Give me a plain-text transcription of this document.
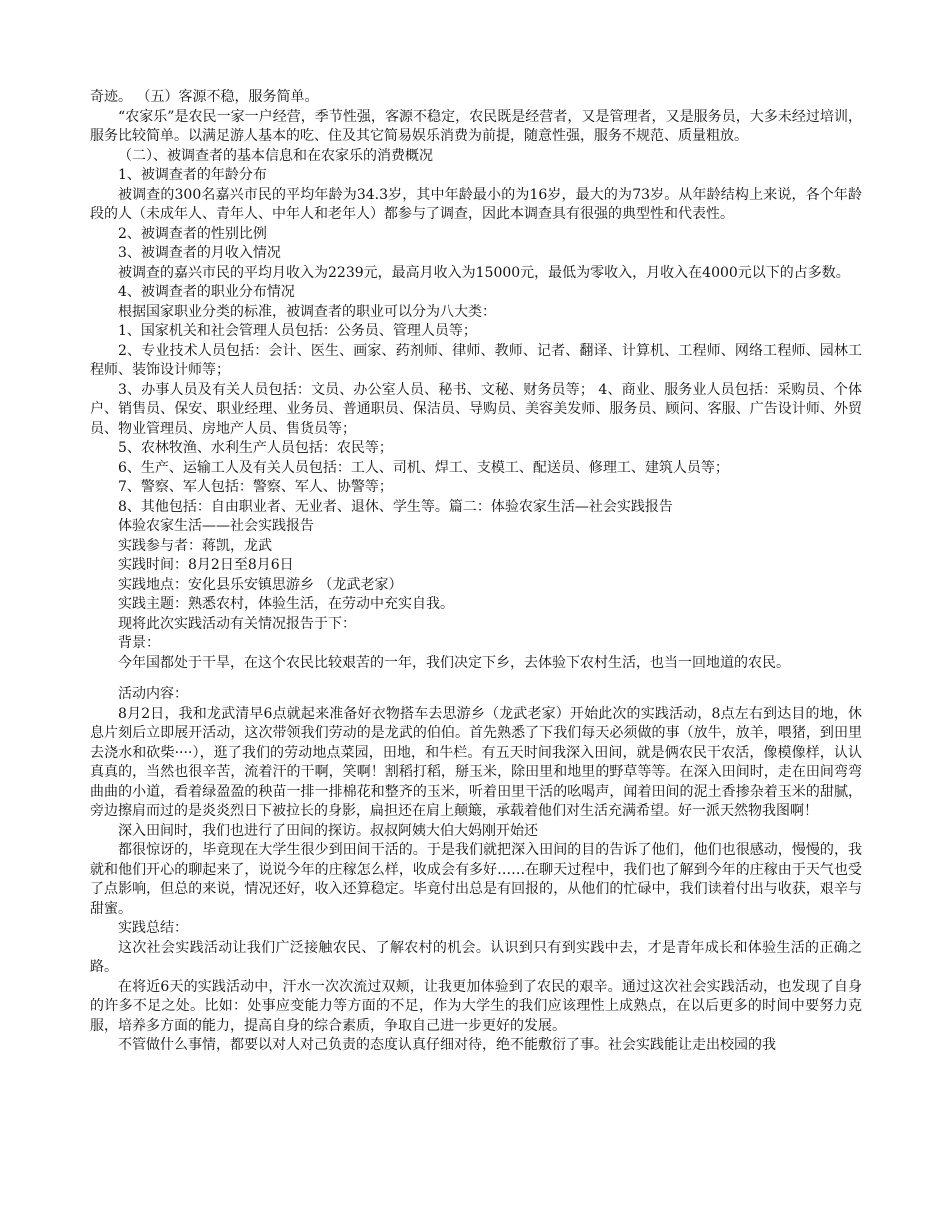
奇迹。 （五）客源不稳，服务简单。

“农家乐”是农民一家一户经营，季节性强，客源不稳定，农民既是经营者，又是管理者，又是服务员，大多未经过培训，服务比较简单。以满足游人基本的吃、住及其它简易娱乐消费为前提，随意性强，服务不规范、质量粗放。

（二）、被调查者的基本信息和在农家乐的消费概况

1、被调查者的年龄分布

被调查的300名嘉兴市民的平均年龄为34.3岁，其中年龄最小的为16岁，最大的为73岁。从年龄结构上来说，各个年龄段的人（未成年人、青年人、中年人和老年人）都参与了调查，因此本调查具有很强的典型性和代表性。

2、被调查者的性别比例

3、被调查者的月收入情况

被调查的嘉兴市民的平均月收入为2239元，最高月收入为15000元，最低为零收入，月收入在4000元以下的占多数。

4、被调查者的职业分布情况

根据国家职业分类的标准，被调查者的职业可以分为八大类：

1、国家机关和社会管理人员包括：公务员、管理人员等；

2、专业技术人员包括：会计、医生、画家、药剂师、律师、教师、记者、翻译、计算机、工程师、网络工程师、园林工程师、装饰设计师等；

3、办事人员及有关人员包括：文员、办公室人员、秘书、文秘、财务员等； 4、商业、服务业人员包括：采购员、个体户、销售员、保安、职业经理、业务员、普通职员、保洁员、导购员、美容美发师、服务员、顾问、客服、广告设计师、外贸员、物业管理员、房地产人员、售货员等；

5、农林牧渔、水利生产人员包括：农民等；

6、生产、运输工人及有关人员包括：工人、司机、焊工、支模工、配送员、修理工、建筑人员等；

7、警察、军人包括：警察、军人、协警等；

8、其他包括：自由职业者、无业者、退休、学生等。篇二：体验农家生活—社会实践报告

体验农家生活——社会实践报告

实践参与者：蒋凯，龙武

实践时间：8月2日至8月6日

实践地点：安化县乐安镇思游乡 （龙武老家）

实践主题：熟悉农村，体验生活，在劳动中充实自我。

现将此次实践活动有关情况报告于下：

背景：

今年国都处于干旱，在这个农民比较艰苦的一年，我们决定下乡，去体验下农村生活，也当一回地道的农民。

活动内容：

8月2日，我和龙武清早6点就起来准备好衣物搭车去思游乡（龙武老家）开始此次的实践活动，8点左右到达目的地，休息片刻后立即展开活动，这次带领我们劳动的是龙武的伯伯。首先熟悉了下我们每天必须做的事（放牛，放羊，喂猪，到田里去浇水和砍柴····），逛了我们的劳动地点菜园，田地，和牛栏。有五天时间我深入田间，就是俩农民干农活，像模像样，认认真真的，当然也很辛苦，流着汗的干啊，笑啊！割稻打稻，掰玉米，除田里和地里的野草等等。在深入田间时，走在田间弯弯曲曲的小道，看着绿盈盈的秧苗一排一排棉花和整齐的玉米，听着田里干活的吆喝声，闻着田间的泥土香掺杂着玉米的甜腻，旁边擦肩而过的是炎炎烈日下被拉长的身影，扁担还在肩上颠簸，承载着他们对生活充满希望。好一派天然物我图啊！

深入田间时，我们也进行了田间的探访。叔叔阿姨大伯大妈刚开始还

都很惊讶的，毕竟现在大学生很少到田间干活的。于是我们就把深入田间的目的告诉了他们，他们也很感动，慢慢的，我就和他们开心的聊起来了，说说今年的庄稼怎么样，收成会有多好……在聊天过程中，我们也了解到今年的庄稼由于天气也受了点影响，但总的来说，情况还好，收入还算稳定。毕竟付出总是有回报的，从他们的忙碌中，我们读着付出与收获，艰辛与甜蜜。

实践总结：

这次社会实践活动让我们广泛接触农民、了解农村的机会。认识到只有到实践中去，才是青年成长和体验生活的正确之路。

在将近6天的实践活动中，汗水一次次流过双颊，让我更加体验到了农民的艰辛。通过这次社会实践活动，也发现了自身的许多不足之处。比如：处事应变能力等方面的不足，作为大学生的我们应该理性上成熟点，在以后更多的时间中要努力克服，培养多方面的能力，提高自身的综合素质，争取自己进一步更好的发展。

不管做什么事情，都要以对人对己负责的态度认真仔细对待，绝不能敷衍了事。社会实践能让走出校园的我
